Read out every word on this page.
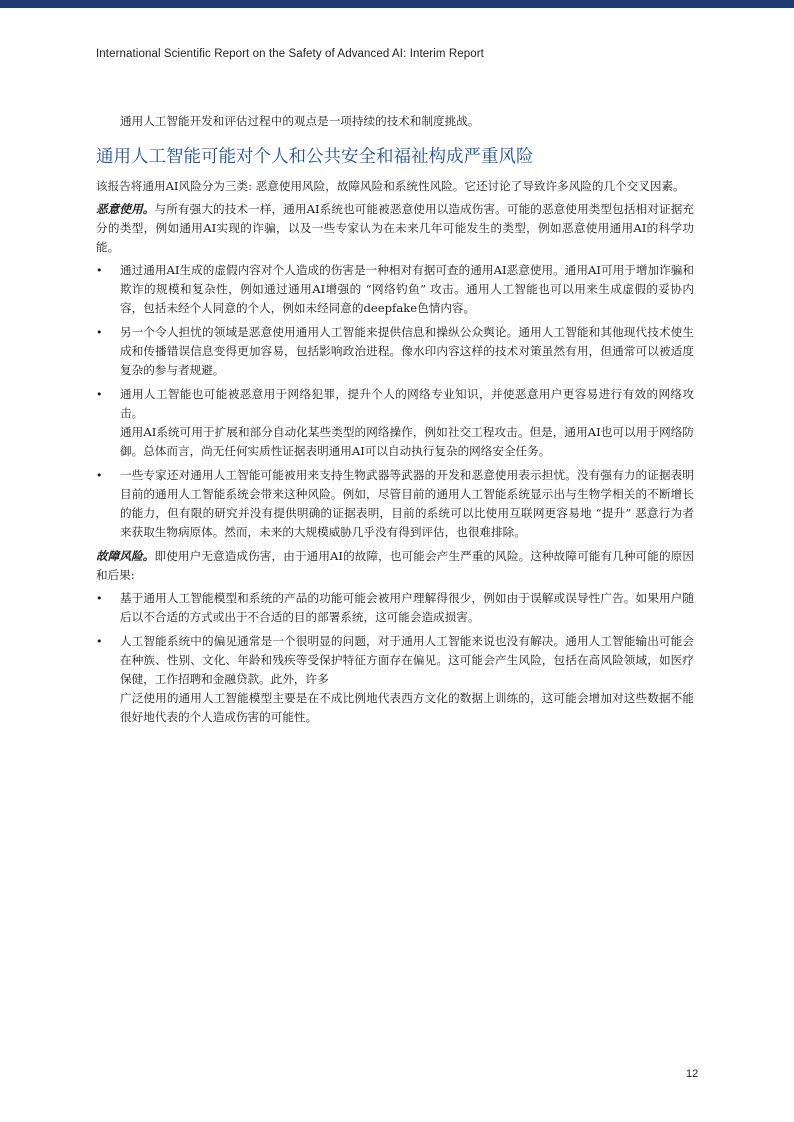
International Scientific Report on the Safety of Advanced AI: Interim Report

通用人工智能开发和评估过程中的观点是一项持续的技术和制度挑战。

通用人工智能可能对个人和公共安全和福祉构成严重风险

该报告将通用AI风险分为三类: 恶意使用风险，故障风险和系统性风险。它还讨论了导致许多风险的几个交叉因素。

恶意使用。与所有强大的技术一样，通用AI系统也可能被恶意使用以造成伤害。可能的恶意使用类型包括相对证据充分的类型，例如通用AI实现的诈骗，以及一些专家认为在未来几年可能发生的类型，例如恶意使用通用AI的科学功能。

• 通过通用AI生成的虚假内容对个人造成的伤害是一种相对有据可查的通用AI恶意使用。通用AI可用于增加诈骗和欺诈的规模和复杂性，例如通过通用AI增强的 “网络钓鱼” 攻击。通用人工智能也可以用来生成虚假的妥协内容，包括未经个人同意的个人，例如未经同意的deepfake色情内容。
• 另一个令人担忧的领域是恶意使用通用人工智能来提供信息和操纵公众舆论。通用人工智能和其他现代技术使生成和传播错误信息变得更加容易，包括影响政治进程。像水印内容这样的技术对策虽然有用，但通常可以被适度复杂的参与者规避。
• 通用人工智能也可能被恶意用于网络犯罪，提升个人的网络专业知识，并使恶意用户更容易进行有效的网络攻击。
通用AI系统可用于扩展和部分自动化某些类型的网络操作，例如社交工程攻击。但是，通用AI也可以用于网络防御。总体而言，尚无任何实质性证据表明通用AI可以自动执行复杂的网络安全任务。
• 一些专家还对通用人工智能可能被用来支持生物武器等武器的开发和恶意使用表示担忧。没有强有力的证据表明目前的通用人工智能系统会带来这种风险。例如，尽管目前的通用人工智能系统显示出与生物学相关的不断增长的能力，但有限的研究并没有提供明确的证据表明，目前的系统可以比使用互联网更容易地 “提升” 恶意行为者来获取生物病原体。然而，未来的大规模威胁几乎没有得到评估，也很难排除。

故障风险。即使用户无意造成伤害，由于通用AI的故障，也可能会产生严重的风险。这种故障可能有几种可能的原因和后果:

• 基于通用人工智能模型和系统的产品的功能可能会被用户理解得很少，例如由于误解或误导性广告。如果用户随后以不合适的方式或出于不合适的目的部署系统，这可能会造成损害。
• 人工智能系统中的偏见通常是一个很明显的问题，对于通用人工智能来说也没有解决。通用人工智能输出可能会在种族、性别、文化、年龄和残疾等受保护特征方面存在偏见。这可能会产生风险，包括在高风险领域，如医疗保健，工作招聘和金融贷款。此外，许多
广泛使用的通用人工智能模型主要是在不成比例地代表西方文化的数据上训练的，这可能会增加对这些数据不能很好地代表的个人造成伤害的可能性。
12
